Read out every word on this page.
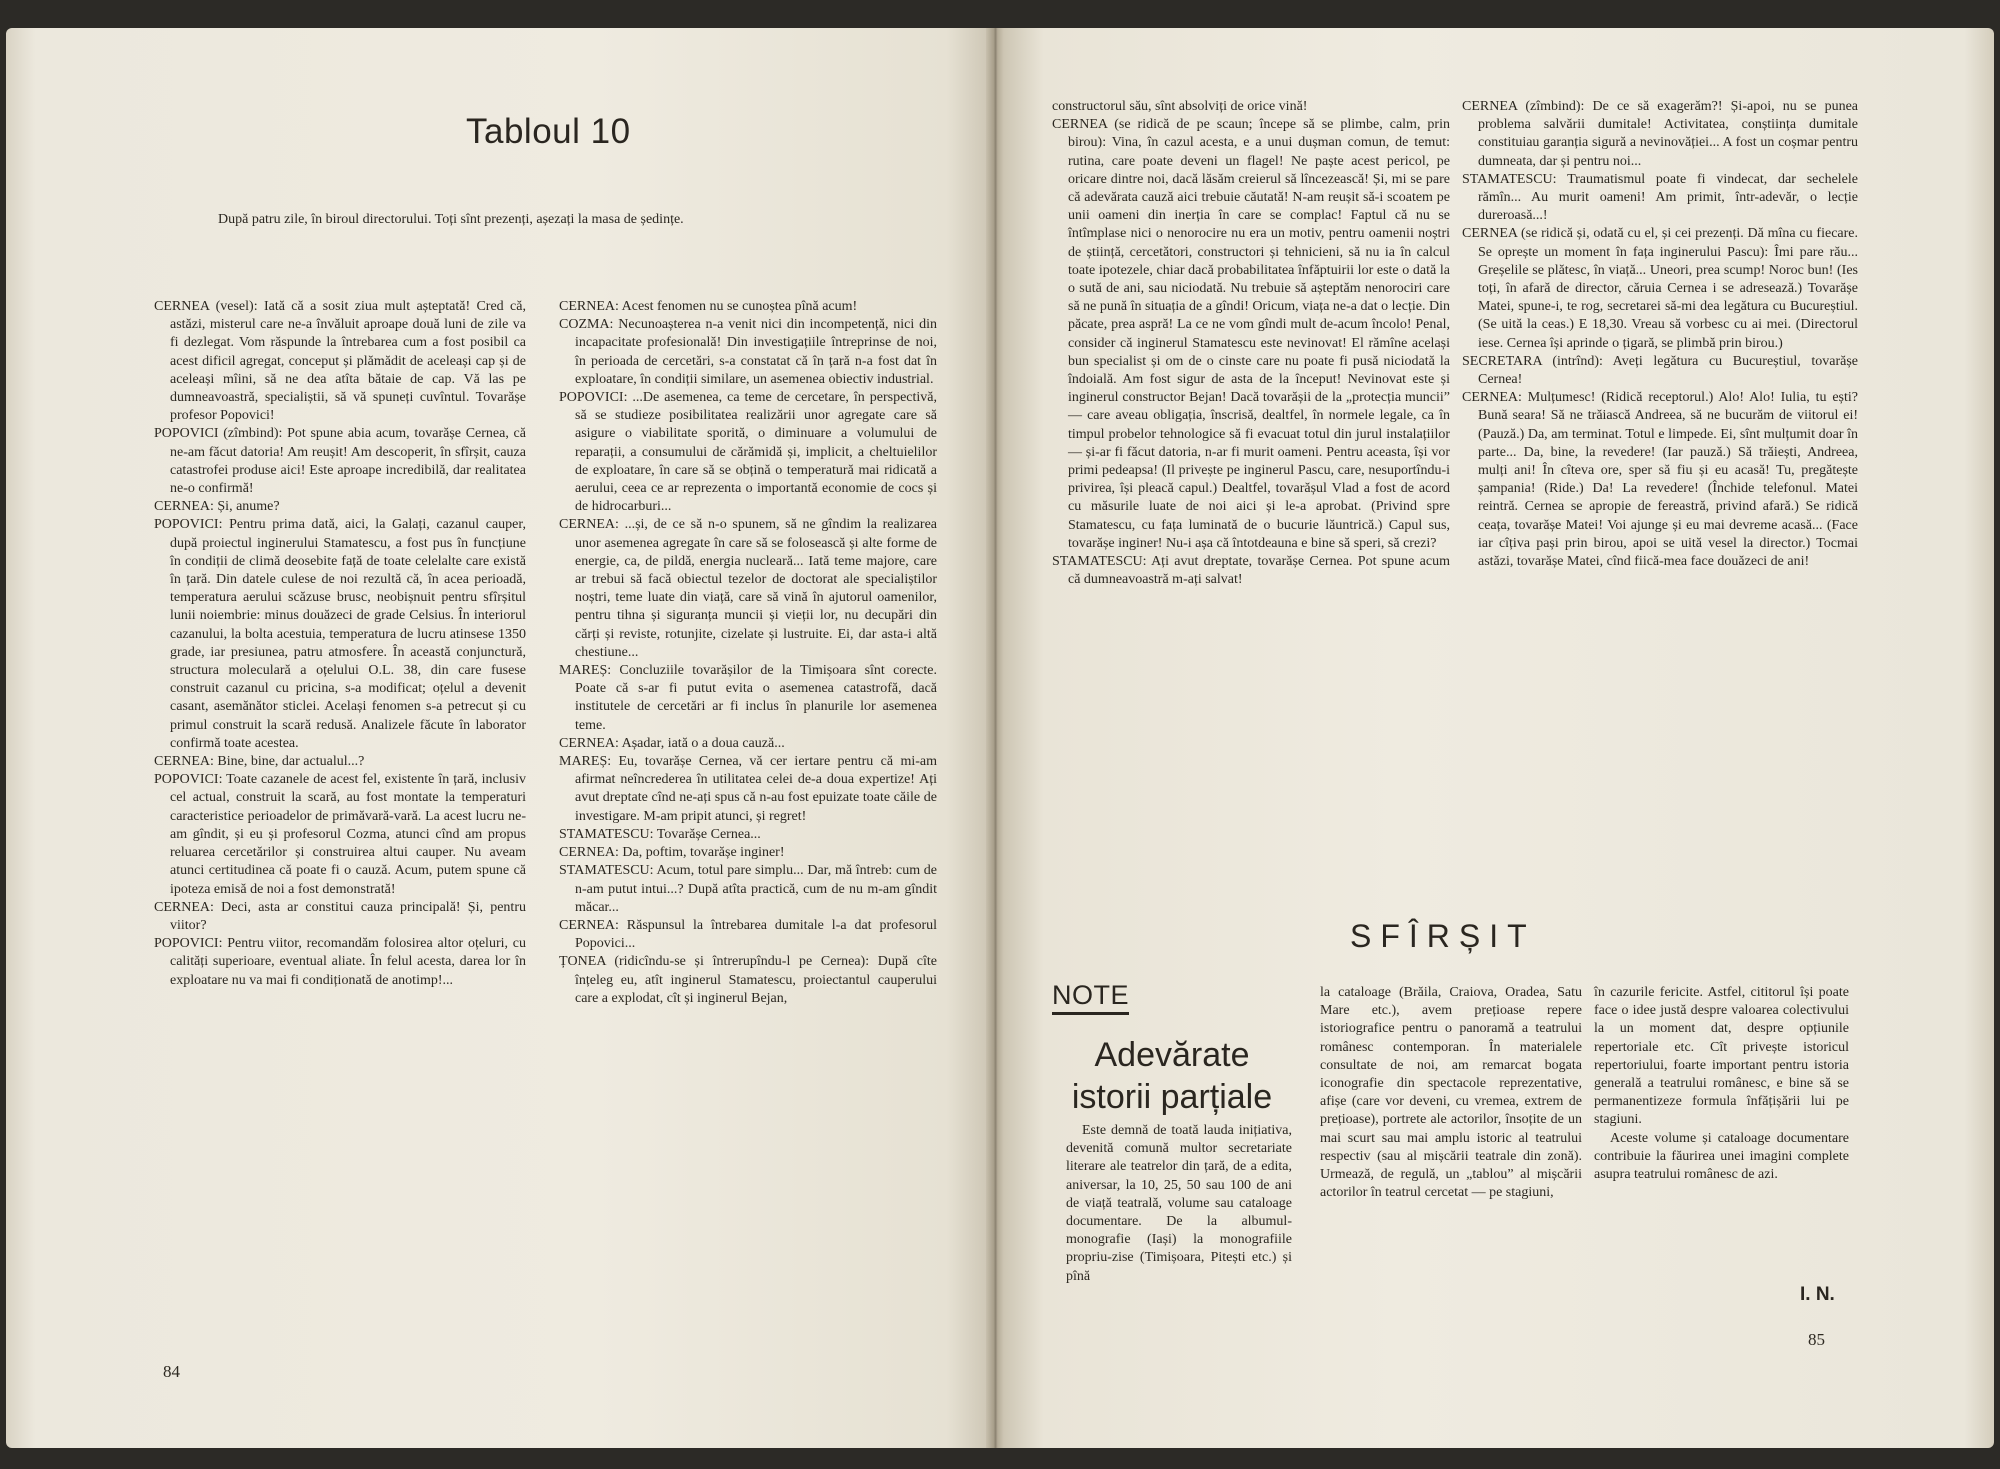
Tabloul 10
După patru zile, în biroul directorului. Toți sînt prezenți, așezați la masa de ședințe.

CERNEA (vesel): Iată că a sosit ziua mult așteptată! Cred că, astăzi, misterul care ne-a învăluit aproape două luni de zile va fi dezlegat. Vom răspunde la întrebarea cum a fost posibil ca acest dificil agregat, conceput și plămădit de aceleași cap și de aceleași mîini, să ne dea atîta bătaie de cap. Vă las pe dumneavoastră, specialiștii, să vă spuneți cuvîntul. Tovarășe profesor Popovici!

POPOVICI (zîmbind): Pot spune abia acum, tovarășe Cernea, că ne-am făcut datoria! Am reușit! Am descoperit, în sfîrșit, cauza catastrofei produse aici! Este aproape incredibilă, dar realitatea ne-o confirmă!

CERNEA: Și, anume?

POPOVICI: Pentru prima dată, aici, la Galați, cazanul cauper, după proiectul inginerului Stamatescu, a fost pus în funcțiune în condiții de climă deosebite față de toate celelalte care există în țară. Din datele culese de noi rezultă că, în acea perioadă, temperatura aerului scăzuse brusc, neobișnuit pentru sfîrșitul lunii noiembrie: minus douăzeci de grade Celsius. În interiorul cazanului, la bolta acestuia, temperatura de lucru atinsese 1350 grade, iar presiunea, patru atmosfere. În această conjunctură, structura moleculară a oțelului O.L. 38, din care fusese construit cazanul cu pricina, s-a modificat; oțelul a devenit casant, asemănător sticlei. Același fenomen s-a petrecut și cu primul construit la scară redusă. Analizele făcute în laborator confirmă toate acestea.

CERNEA: Bine, bine, dar actualul...?

POPOVICI: Toate cazanele de acest fel, existente în țară, inclusiv cel actual, construit la scară, au fost montate la temperaturi caracteristice perioadelor de primăvară-vară. La acest lucru ne-am gîndit, și eu și profesorul Cozma, atunci cînd am propus reluarea cercetărilor și construirea altui cauper. Nu aveam atunci certitudinea că poate fi o cauză. Acum, putem spune că ipoteza emisă de noi a fost demonstrată!

CERNEA: Deci, asta ar constitui cauza principală! Și, pentru viitor?

POPOVICI: Pentru viitor, recomandăm folosirea altor oțeluri, cu calități superioare, eventual aliate. În felul acesta, darea lor în exploatare nu va mai fi condiționată de anotimp!...

CERNEA: Acest fenomen nu se cunoștea pînă acum!

COZMA: Necunoașterea n-a venit nici din incompetență, nici din incapacitate profesională! Din investigațiile întreprinse de noi, în perioada de cercetări, s-a constatat că în țară n-a fost dat în exploatare, în condiții similare, un asemenea obiectiv industrial.

POPOVICI: ...De asemenea, ca teme de cercetare, în perspectivă, să se studieze posibilitatea realizării unor agregate care să asigure o viabilitate sporită, o diminuare a volumului de reparații, a consumului de cărămidă și, implicit, a cheltuielilor de exploatare, în care să se obțină o temperatură mai ridicată a aerului, ceea ce ar reprezenta o importantă economie de cocs și de hidrocarburi...

CERNEA: ...și, de ce să n-o spunem, să ne gîndim la realizarea unor asemenea agregate în care să se folosească și alte forme de energie, ca, de pildă, energia nucleară... Iată teme majore, care ar trebui să facă obiectul tezelor de doctorat ale specialiștilor noștri, teme luate din viață, care să vină în ajutorul oamenilor, pentru tihna și siguranța muncii și vieții lor, nu decupări din cărți și reviste, rotunjite, cizelate și lustruite. Ei, dar asta-i altă chestiune...

MAREȘ: Concluziile tovarășilor de la Timișoara sînt corecte. Poate că s-ar fi putut evita o asemenea catastrofă, dacă institutele de cercetări ar fi inclus în planurile lor asemenea teme.

CERNEA: Așadar, iată o a doua cauză...

MAREȘ: Eu, tovarășe Cernea, vă cer iertare pentru că mi-am afirmat neîncrederea în utilitatea celei de-a doua expertize! Ați avut dreptate cînd ne-ați spus că n-au fost epuizate toate căile de investigare. M-am pripit atunci, și regret!

STAMATESCU: Tovarășe Cernea...

CERNEA: Da, poftim, tovarășe inginer!

STAMATESCU: Acum, totul pare simplu... Dar, mă întreb: cum de n-am putut intui...? După atîta practică, cum de nu m-am gîndit măcar...

CERNEA: Răspunsul la întrebarea dumitale l-a dat profesorul Popovici...

ȚONEA (ridicîndu-se și întrerupîndu-l pe Cernea): După cîte înțeleg eu, atît inginerul Stamatescu, proiectantul cauperului care a explodat, cît și inginerul Bejan,

84

constructorul său, sînt absolviți de orice vină!

CERNEA (se ridică de pe scaun; începe să se plimbe, calm, prin birou): Vina, în cazul acesta, e a unui dușman comun, de temut: rutina, care poate deveni un flagel! Ne paște acest pericol, pe oricare dintre noi, dacă lăsăm creierul să lîncezească! Și, mi se pare că adevărata cauză aici trebuie căutată! N-am reușit să-i scoatem pe unii oameni din inerția în care se complac! Faptul că nu se întîmplase nici o nenorocire nu era un motiv, pentru oamenii noștri de știință, cercetători, constructori și tehnicieni, să nu ia în calcul toate ipotezele, chiar dacă probabilitatea înfăptuirii lor este o dată la o sută de ani, sau niciodată. Nu trebuie să așteptăm nenorociri care să ne pună în situația de a gîndi! Oricum, viața ne-a dat o lecție. Din păcate, prea aspră! La ce ne vom gîndi mult de-acum încolo! Penal, consider că inginerul Stamatescu este nevinovat! El rămîne același bun specialist și om de o cinste care nu poate fi pusă niciodată la îndoială. Am fost sigur de asta de la început! Nevinovat este și inginerul constructor Bejan! Dacă tovarășii de la „protecția muncii” — care aveau obligația, înscrisă, dealtfel, în normele legale, ca în timpul probelor tehnologice să fi evacuat totul din jurul instalațiilor — și-ar fi făcut datoria, n-ar fi murit oameni. Pentru aceasta, își vor primi pedeapsa! (Il privește pe inginerul Pascu, care, nesuportîndu-i privirea, își pleacă capul.) Dealtfel, tovarășul Vlad a fost de acord cu măsurile luate de noi aici și le-a aprobat. (Privind spre Stamatescu, cu fața luminată de o bucurie lăuntrică.) Capul sus, tovarășe inginer! Nu-i așa că întotdeauna e bine să speri, să crezi?

STAMATESCU: Ați avut dreptate, tovarășe Cernea. Pot spune acum că dumneavoastră m-ați salvat!

CERNEA (zîmbind): De ce să exagerăm?! Și-apoi, nu se punea problema salvării dumitale! Activitatea, conștiința dumitale constituiau garanția sigură a nevinovăției... A fost un coșmar pentru dumneata, dar și pentru noi...

STAMATESCU: Traumatismul poate fi vindecat, dar sechelele rămîn... Au murit oameni! Am primit, într-adevăr, o lecție dureroasă...!

CERNEA (se ridică și, odată cu el, și cei prezenți. Dă mîna cu fiecare. Se oprește un moment în fața inginerului Pascu): Îmi pare rău... Greșelile se plătesc, în viață... Uneori, prea scump! Noroc bun! (Ies toți, în afară de director, căruia Cernea i se adresează.) Tovarășe Matei, spune-i, te rog, secretarei să-mi dea legătura cu Bucureștiul. (Se uită la ceas.) E 18,30. Vreau să vorbesc cu ai mei. (Directorul iese. Cernea își aprinde o țigară, se plimbă prin birou.)

SECRETARA (intrînd): Aveți legătura cu Bucureștiul, tovarășe Cernea!

CERNEA: Mulțumesc! (Ridică receptorul.) Alo! Alo! Iulia, tu ești? Bună seara! Să ne trăiască Andreea, să ne bucurăm de viitorul ei! (Pauză.) Da, am terminat. Totul e limpede. Ei, sînt mulțumit doar în parte... Da, bine, la revedere! (Iar pauză.) Să trăiești, Andreea, mulți ani! În cîteva ore, sper să fiu și eu acasă! Tu, pregătește șampania! (Ride.) Da! La revedere! (Închide telefonul. Matei reintră. Cernea se apropie de fereastră, privind afară.) Se ridică ceața, tovarășe Matei! Voi ajunge și eu mai devreme acasă... (Face iar cîțiva pași prin birou, apoi se uită vesel la director.) Tocmai astăzi, tovarășe Matei, cînd fiică-mea face douăzeci de ani!

SFÎRȘIT
NOTE
Adevărate istorii parțiale

Este demnă de toată lauda inițiativa, devenită comună multor secretariate literare ale teatrelor din țară, de a edita, aniversar, la 10, 25, 50 sau 100 de ani de viață teatrală, volume sau cataloage documentare. De la albumul-monografie (Iași) la monografiile propriu-zise (Timișoara, Pitești etc.) și pînă

la cataloage (Brăila, Craiova, Oradea, Satu Mare etc.), avem prețioase repere istoriografice pentru o panoramă a teatrului românesc contemporan. În materialele consultate de noi, am remarcat bogata iconografie din spectacole reprezentative, afișe (care vor deveni, cu vremea, extrem de prețioase), portrete ale actorilor, însoțite de un mai scurt sau mai amplu istoric al teatrului respectiv (sau al mișcării teatrale din zonă). Urmează, de regulă, un „tablou” al mișcării actorilor în teatrul cercetat — pe stagiuni,

în cazurile fericite. Astfel, cititorul își poate face o idee justă despre valoarea colectivului la un moment dat, despre opțiunile repertoriale etc. Cît privește istoricul repertoriului, foarte important pentru istoria generală a teatrului românesc, e bine să se permanentizeze formula înfățișării lui pe stagiuni.

Aceste volume și cataloage documentare contribuie la făurirea unei imagini complete asupra teatrului românesc de azi.

I. N.
85
